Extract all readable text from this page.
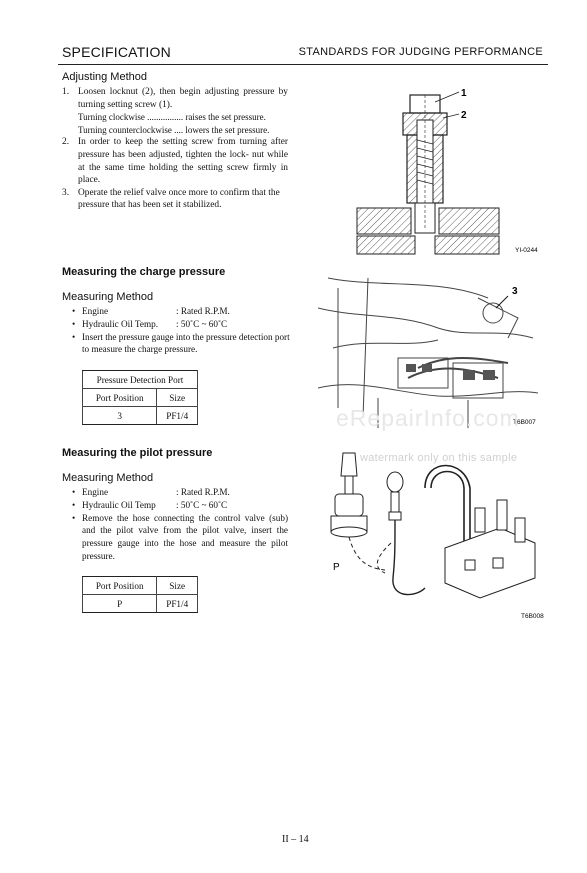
SPECIFICATION	STANDARDS FOR JUDGING PERFORMANCE
Adjusting Method
1. Loosen locknut (2), then begin adjusting pressure by turning setting screw (1).

Turning clockwise ................ raises the set pressure.

Turning counterclockwise .... lowers the set pressure.

2. In order to keep the setting screw from turning after pressure has been adjusted, tighten the lock- nut while at the same time holding the setting screw firmly in place.
3. Operate the relief valve once more to confirm that the pressure that has been set it stabilized.
1
2
YI-0244
Measuring the charge pressure
Measuring Method
• Engine	: Rated R.P.M.
• Hydraulic Oil Temp. : 50˚C ~ 60˚C
• Insert the pressure gauge into the pressure detection port to measure the charge pressure.
Pressure Detection Port	
Port Position	Size
3	PF1/4
3
T6B007
eRepairInfo.com
watermark only on this sample
Measuring the pilot pressure
Measuring Method
• Engine	: Rated R.P.M.
• Hydraulic Oil Temp : 50˚C ~ 60˚C
• Remove the hose connecting the control valve (sub) and the pilot valve from the pilot valve, insert the pressure gauge into the hose and measure the pilot pressure.
Port Position	Size
P	PF1/4
P
T6B008
II – 14
